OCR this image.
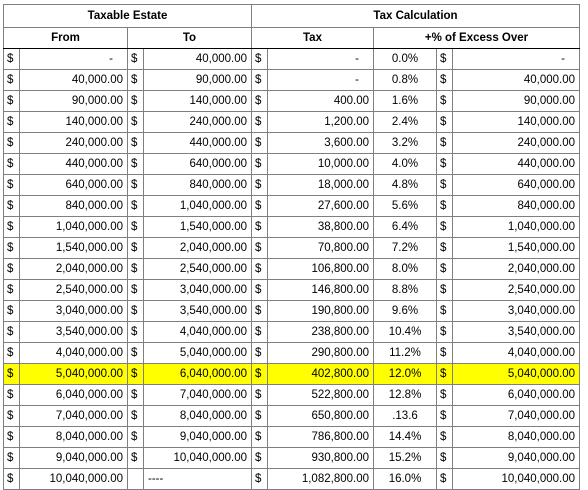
Taxable Estate				Tax Calculation				
From		To		Tax		+% of Excess Over		
$	-	$	40,000.00	$	-	0.0%	$	-
$	40,000.00	$	90,000.00	$	-	0.8%	$	40,000.00
$	90,000.00	$	140,000.00	$	400.00	1.6%	$	90,000.00
$	140,000.00	$	240,000.00	$	1,200.00	2.4%	$	140,000.00
$	240,000.00	$	440,000.00	$	3,600.00	3.2%	$	240,000.00
$	440,000.00	$	640,000.00	$	10,000.00	4.0%	$	440,000.00
$	640,000.00	$	840,000.00	$	18,000.00	4.8%	$	640,000.00
$	840,000.00	$	1,040,000.00	$	27,600.00	5.6%	$	840,000.00
$	1,040,000.00	$	1,540,000.00	$	38,800.00	6.4%	$	1,040,000.00
$	1,540,000.00	$	2,040,000.00	$	70,800.00	7.2%	$	1,540,000.00
$	2,040,000.00	$	2,540,000.00	$	106,800.00	8.0%	$	2,040,000.00
$	2,540,000.00	$	3,040,000.00	$	146,800.00	8.8%	$	2,540,000.00
$	3,040,000.00	$	3,540,000.00	$	190,800.00	9.6%	$	3,040,000.00
$	3,540,000.00	$	4,040,000.00	$	238,800.00	10.4%	$	3,540,000.00
$	4,040,000.00	$	5,040,000.00	$	290,800.00	11.2%	$	4,040,000.00
$	5,040,000.00	$	6,040,000.00	$	402,800.00	12.0%	$	5,040,000.00
$	6,040,000.00	$	7,040,000.00	$	522,800.00	12.8%	$	6,040,000.00
$	7,040,000.00	$	8,040,000.00	$	650,800.00	.13.6	$	7,040,000.00
$	8,040,000.00	$	9,040,000.00	$	786,800.00	14.4%	$	8,040,000.00
$	9,040,000.00	$	10,040,000.00	$	930,800.00	15.2%	$	9,040,000.00
$	10,040,000.00		----	$	1,082,800.00	16.0%	$	10,040,000.00
